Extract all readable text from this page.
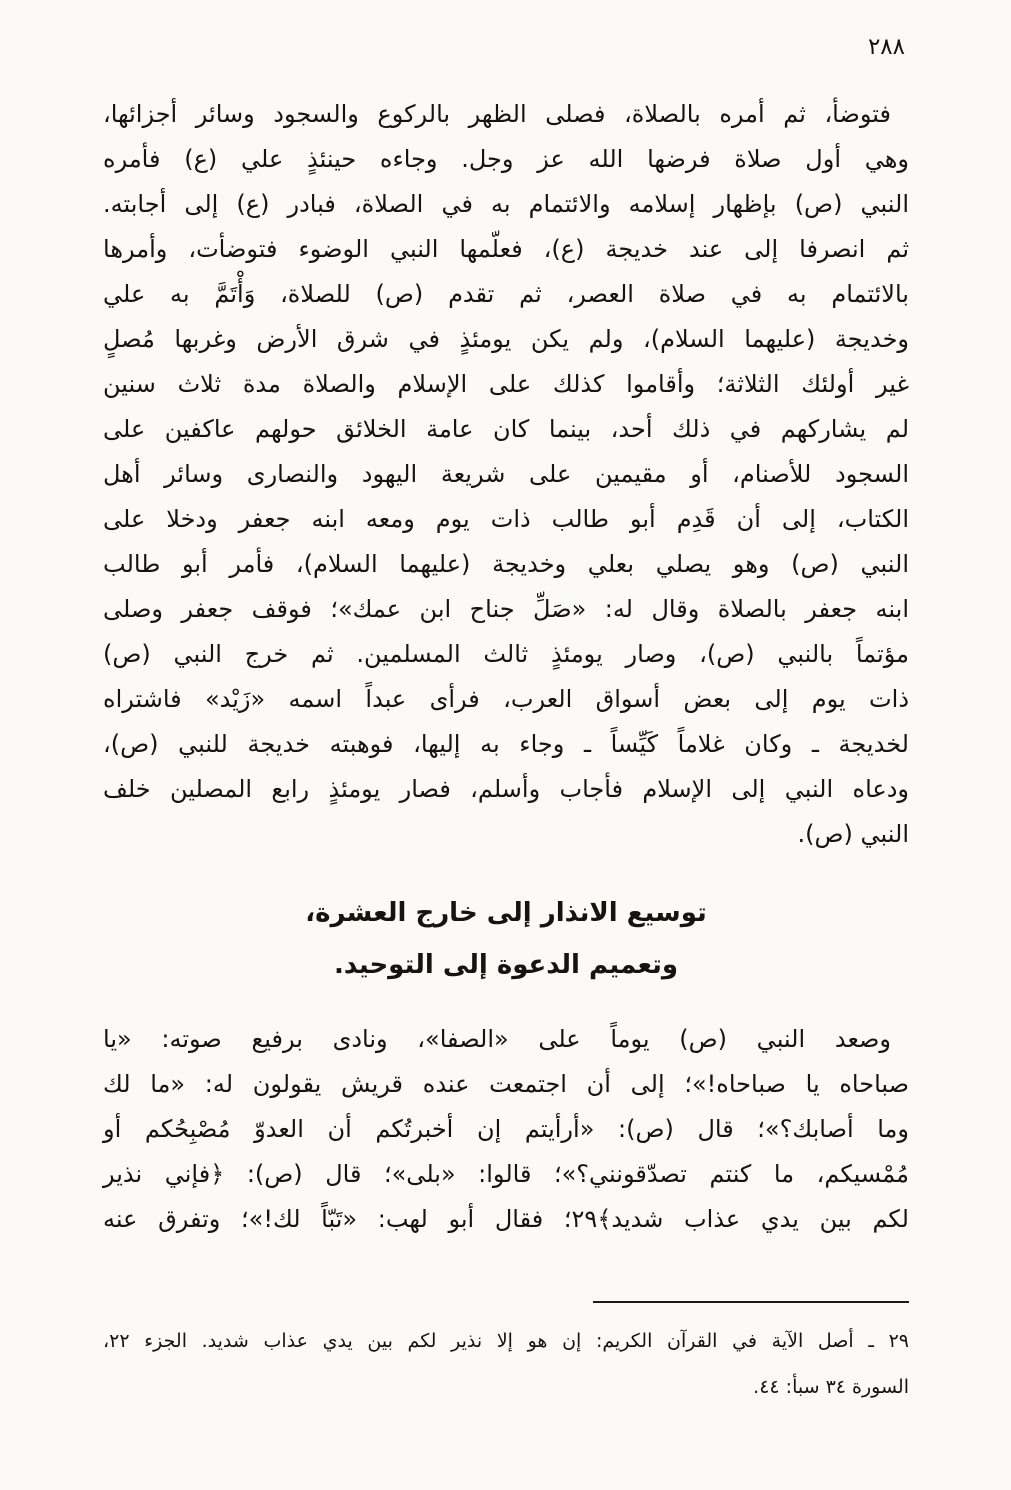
٢٨٨
فتوضأ، ثم أمره بالصلاة، فصلى الظهر بالركوع والسجود وسائر أجزائها،
وهي أول صلاة فرضها الله عز وجل. وجاءه حينئذٍ علي (ع) فأمره
النبي (ص) بإظهار إسلامه والائتمام به في الصلاة، فبادر (ع) إلى أجابته.
ثم انصرفا إلى عند خديجة (ع)، فعلّمها النبي الوضوء فتوضأت، وأمرها
بالائتمام به في صلاة العصر، ثم تقدم (ص) للصلاة، وَأْتَمَّ به علي
وخديجة (عليهما السلام)، ولم يكن يومئذٍ في شرق الأرض وغربها مُصلٍ
غير أولئك الثلاثة؛ وأقاموا كذلك على الإسلام والصلاة مدة ثلاث سنين
لم يشاركهم في ذلك أحد، بينما كان عامة الخلائق حولهم عاكفين على
السجود للأصنام، أو مقيمين على شريعة اليهود والنصارى وسائر أهل
الكتاب، إلى أن قَدِم أبو طالب ذات يوم ومعه ابنه جعفر ودخلا على
النبي (ص) وهو يصلي بعلي وخديجة (عليهما السلام)، فأمر أبو طالب
ابنه جعفر بالصلاة وقال له: «صَلِّ جناح ابن عمك»؛ فوقف جعفر وصلى
مؤتماً بالنبي (ص)، وصار يومئذٍ ثالث المسلمين. ثم خرج النبي (ص)
ذات يوم إلى بعض أسواق العرب، فرأى عبداً اسمه «زَيْد» فاشتراه
لخديجة ـ وكان غلاماً كَيِّساً ـ وجاء به إليها، فوهبته خديجة للنبي (ص)،
ودعاه النبي إلى الإسلام فأجاب وأسلم، فصار يومئذٍ رابع المصلين خلف
النبي (ص).
توسيع الانذار إلى خارج العشرة،
وتعميم الدعوة إلى التوحيد.
وصعد النبي (ص) يوماً على «الصفا»، ونادى برفيع صوته: «يا
صباحاه يا صباحاه!»؛ إلى أن اجتمعت عنده قريش يقولون له: «ما لك
وما أصابك؟»؛ قال (ص): «أرأيتم إن أخبرتُكم أن العدوّ مُصْبِحُكم أو
مُمْسيكم، ما كنتم تصدّقونني؟»؛ قالوا: «بلى»؛ قال (ص): ﴿فإني نذير
لكم بين يدي عذاب شديد﴾٢٩؛ فقال أبو لهب: «تَبّاً لك!»؛ وتفرق عنه
٢٩ ـ أصل الآية في القرآن الكريم: إن هو إلا نذير لكم بين يدي عذاب شديد. الجزء ٢٢،
السورة ٣٤ سبأ: ٤٤.
